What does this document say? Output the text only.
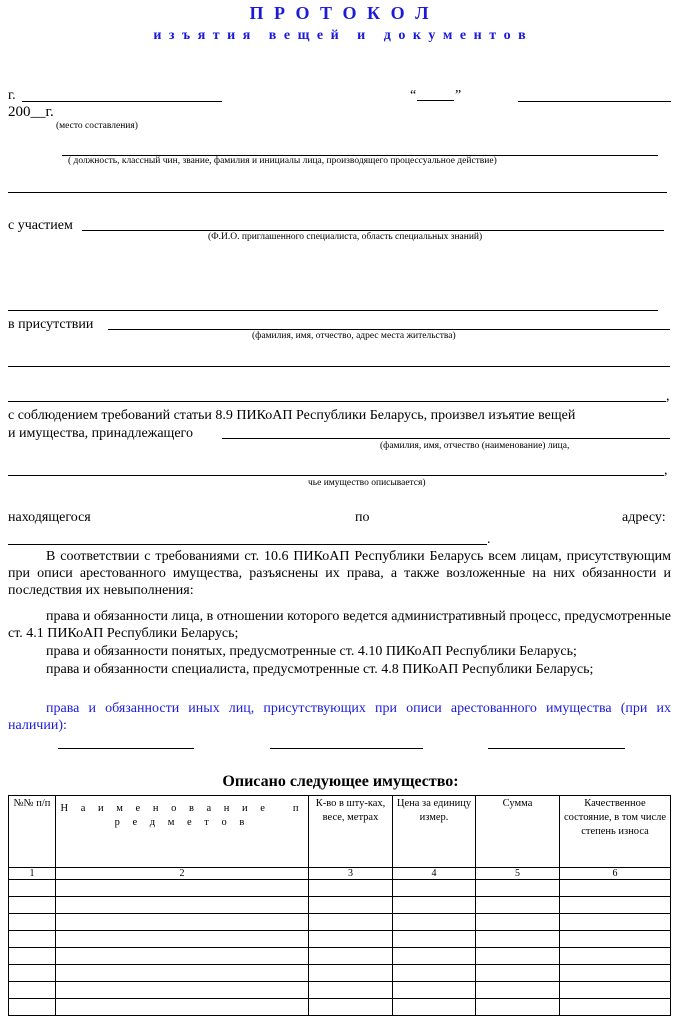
П Р О Т О К О Л
и з ъ я т и я   в е щ е й   и   д о к у м е н т о в
г.	“	”
200__г.
(место составления)
( должность, классный чин, звание, фамилия и инициалы лица, производящего процессуальное действие)
с участием
(Ф.И.О. приглашенного специалиста, область специальных знаний)
в присутствии
(фамилия, имя, отчество, адрес места жительства)
,
с соблюдением требований статьи 8.9 ПИКоАП Республики Беларусь, произвел изъятие вещей
и имущества, принадлежащего
(фамилия, имя, отчество (наименование) лица,
,
чье имущество описывается)
находящегося	по	адресу:
.
В соответствии с требованиями ст. 10.6 ПИКоАП Республики Беларусь всем лицам, присутствующим при описи арестованного имущества, разъяснены их права, а также возложенные на них обязанности и последствия их невыполнения:
права и обязанности лица, в отношении которого ведется административный процесс, предусмотренные ст. 4.1 ПИКоАП Республики Беларусь;
права и обязанности понятых, предусмотренные ст. 4.10 ПИКоАП Республики Беларусь;
права и обязанности специалиста, предусмотренные ст. 4.8 ПИКоАП Республики Беларусь;
права и обязанности иных лиц, присутствующих при описи арестованного имущества (при их наличии):
Описано следующее имущество:
№№ п/п	Н а и м е н о в а н и е   п р е д м е т о в	К-во в шту-ках, весе, метрах	Цена за единицу измер.	Сумма	Качественное состояние, в том числе степень износа
1	2	3	4	5	6
